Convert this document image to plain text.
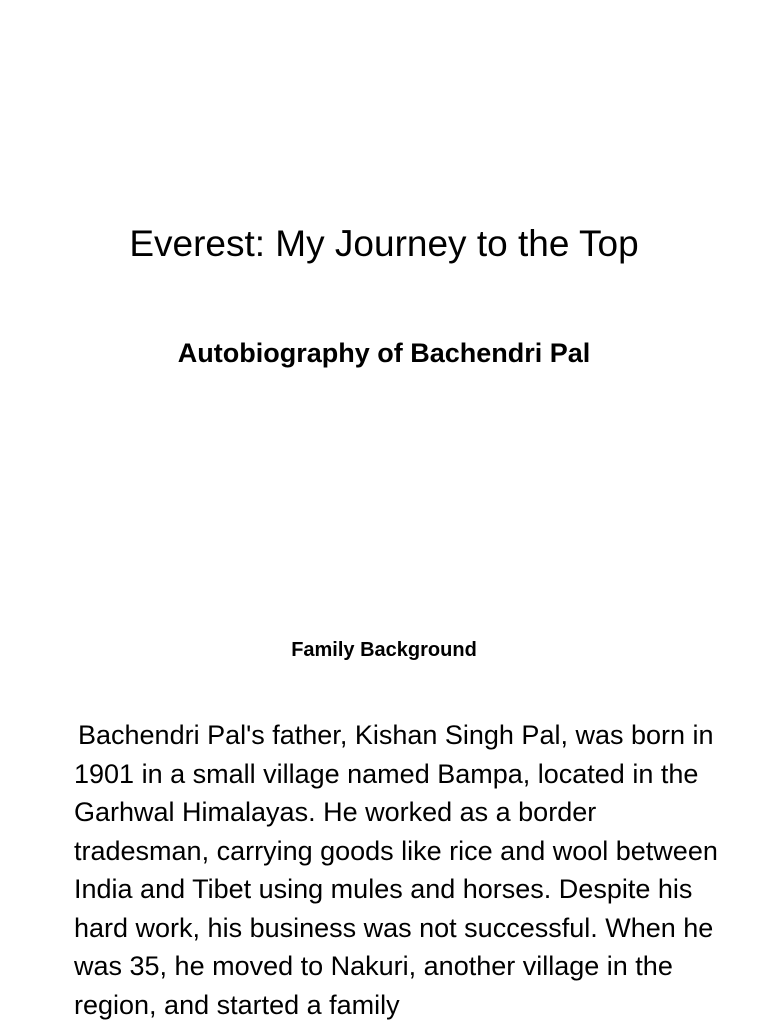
Everest: My Journey to the Top
Autobiography of Bachendri Pal
Family Background

Bachendri Pal's father, Kishan Singh Pal, was born in 1901 in a small village named Bampa, located in the Garhwal Himalayas. He worked as a border tradesman, carrying goods like rice and wool between India and Tibet using mules and horses. Despite his hard work, his business was not successful. When he was 35, he moved to Nakuri, another village in the region, and started a family
